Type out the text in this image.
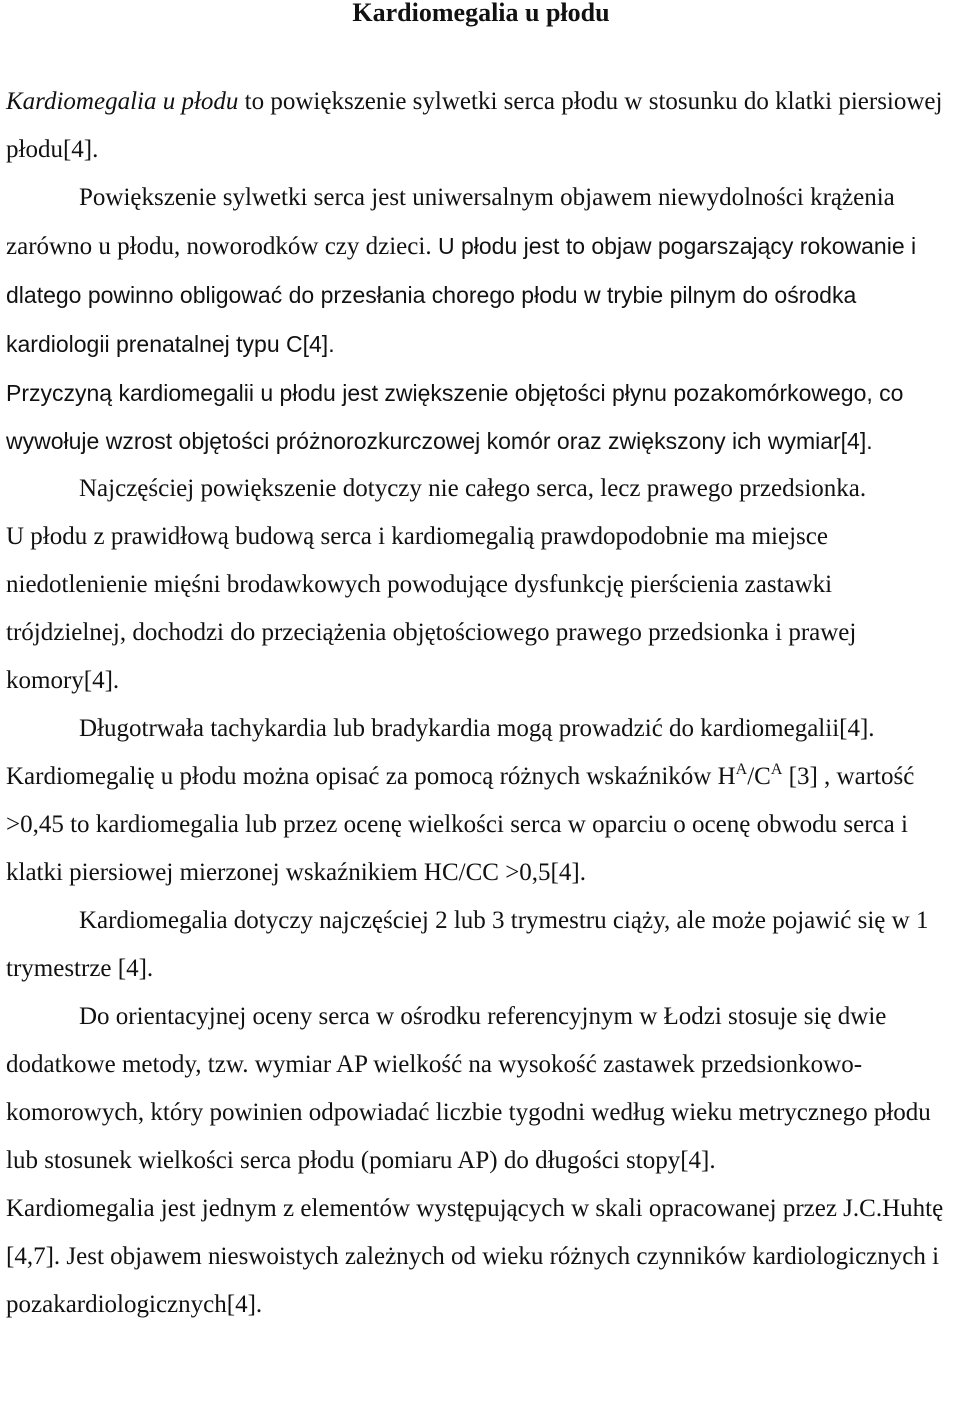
Kardiomegalia u płodu

Kardiomegalia u płodu to powiększenie sylwetki serca płodu w stosunku do klatki piersiowej płodu[4].

Powiększenie sylwetki serca jest uniwersalnym objawem niewydolności krążenia zarówno u płodu, noworodków czy dzieci. U płodu jest to objaw pogarszający rokowanie i dlatego powinno obligować do przesłania chorego płodu w trybie pilnym do ośrodka kardiologii prenatalnej typu C[4].

Przyczyną kardiomegalii u płodu jest zwiększenie objętości płynu pozakomórkowego, co wywołuje wzrost objętości próżnorozkurczowej komór oraz zwiększony ich wymiar[4].

Najczęściej powiększenie dotyczy nie całego serca, lecz prawego przedsionka.

U płodu z prawidłową budową serca i kardiomegalią prawdopodobnie ma miejsce niedotlenienie mięśni brodawkowych powodujące dysfunkcję pierścienia zastawki trójdzielnej, dochodzi do przeciążenia objętościowego prawego przedsionka i prawej komory[4].

Długotrwała tachykardia lub bradykardia mogą prowadzić do kardiomegalii[4].

Kardiomegalię u płodu można opisać za pomocą różnych wskaźników $H^A/C^A$ [3] , wartość >0,45 to kardiomegalia lub przez ocenę wielkości serca w oparciu o ocenę obwodu serca i klatki piersiowej mierzonej wskaźnikiem HC/CC >0,5[4].

Kardiomegalia dotyczy najczęściej 2 lub 3 trymestru ciąży, ale może pojawić się w 1 trymestrze [4].

Do orientacyjnej oceny serca w ośrodku referencyjnym w Łodzi stosuje się dwie dodatkowe metody, tzw. wymiar AP wielkość na wysokość zastawek przedsionkowo-komorowych, który powinien odpowiadać liczbie tygodni według wieku metrycznego płodu lub stosunek wielkości serca płodu (pomiaru AP) do długości stopy[4].

Kardiomegalia jest jednym z elementów występujących w skali opracowanej przez J.C.Huhtę [4,7]. Jest objawem nieswoistych zależnych od wieku różnych czynników kardiologicznych i pozakardiologicznych[4].
